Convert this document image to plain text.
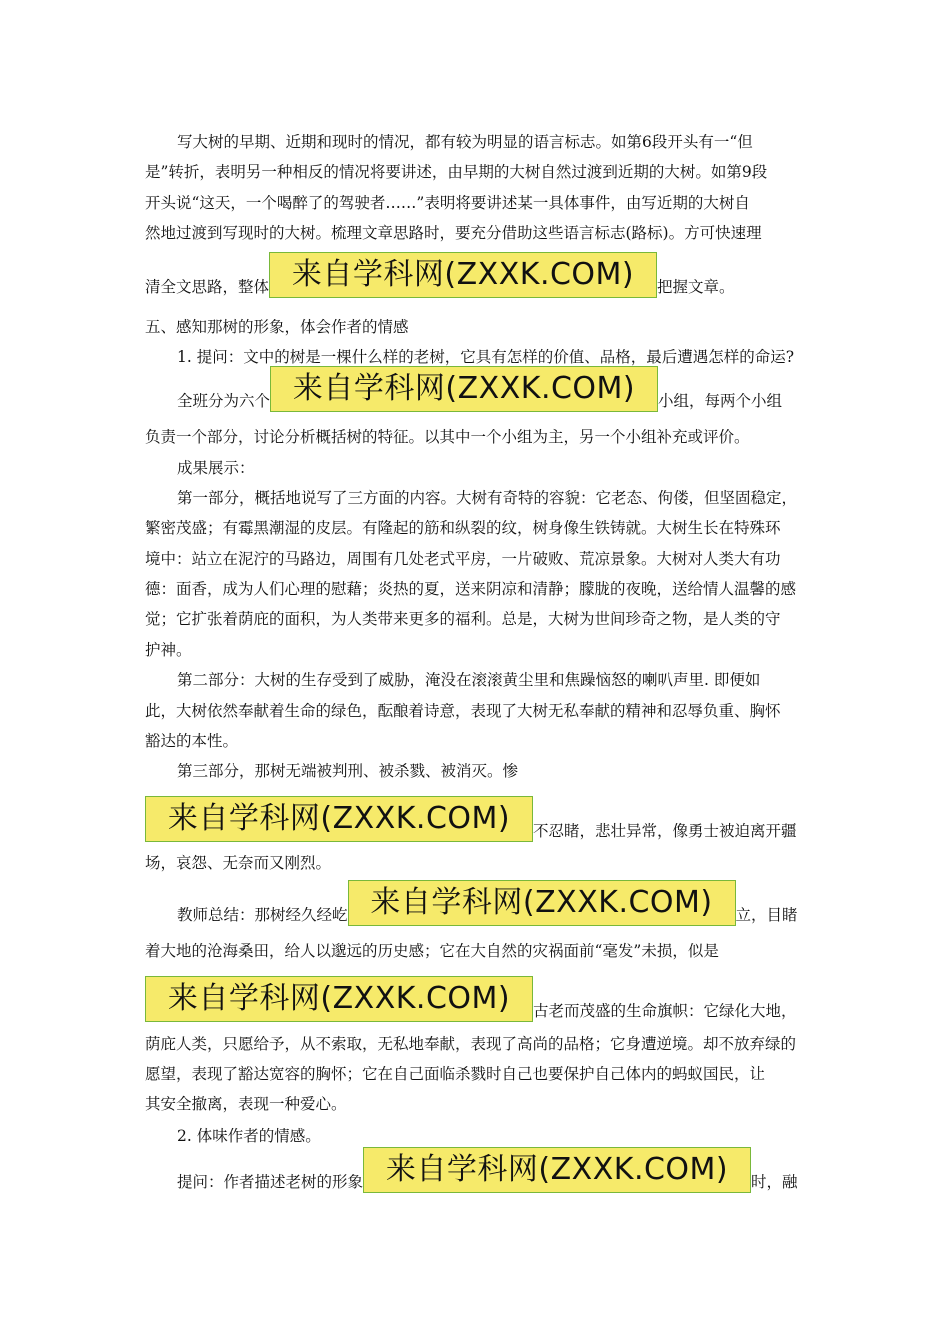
写大树的早期、近期和现时的情况，都有较为明显的语言标志。如第6段开头有一“但
是”转折，表明另一种相反的情况将要讲述，由早期的大树自然过渡到近期的大树。如第9段
开头说“这天，一个喝醉了的驾驶者……”表明将要讲述某一具体事件，由写近期的大树自
然地过渡到写现时的大树。梳理文章思路时，要充分借助这些语言标志(路标)。方可快速理
清全文思路，整体 来自学科网(ZXXK.COM)	把握文章。
五、感知那树的形象，体会作者的情感
1. 提问：文中的树是一棵什么样的老树，它具有怎样的价值、品格，最后遭遇怎样的命运?
全班分为六个 来自学科网(ZXXK.COM)	小组，每两个小组
负责一个部分，讨论分析概括树的特征。以其中一个小组为主，另一个小组补充或评价。
成果展示：
第一部分，概括地说写了三方面的内容。大树有奇特的容貌：它老态、佝偻，但坚固稳定，
繁密茂盛；有霉黑潮湿的皮层。有隆起的筋和纵裂的纹，树身像生铁铸就。大树生长在特殊环
境中：站立在泥泞的马路边，周围有几处老式平房，一片破败、荒凉景象。大树对人类大有功
德：面香，成为人们心理的慰藉；炎热的夏，送来阴凉和清静；朦胧的夜晚，送给情人温馨的感
觉；它扩张着荫庇的面积，为人类带来更多的福利。总是，大树为世间珍奇之物，是人类的守
护神。
第二部分：大树的生存受到了威胁，淹没在滚滚黄尘里和焦躁恼怒的喇叭声里. 即便如
此，大树依然奉献着生命的绿色，酝酿着诗意，表现了大树无私奉献的精神和忍辱负重、胸怀
豁达的本性。
第三部分，那树无端被判刑、被杀戮、被消灭。惨
来自学科网(ZXXK.COM)	不忍睹，悲壮异常，像勇士被迫离开疆
场，哀怨、无奈而又刚烈。
教师总结：那树经久经屹 来自学科网(ZXXK.COM)	立，目睹
着大地的沧海桑田，给人以邈远的历史感；它在大自然的灾祸面前“毫发”未损，似是
来自学科网(ZXXK.COM)	古老而茂盛的生命旗帜：它绿化大地，
荫庇人类，只愿给予，从不索取，无私地奉献，表现了高尚的品格；它身遭逆境。却不放弃绿的
愿望，表现了豁达宽容的胸怀；它在自己面临杀戮时自己也要保护自己体内的蚂蚁国民，让
其安全撤离，表现一种爱心。
2. 体味作者的情感。
提问：作者描述老树的形象 来自学科网(ZXXK.COM)	时，融
